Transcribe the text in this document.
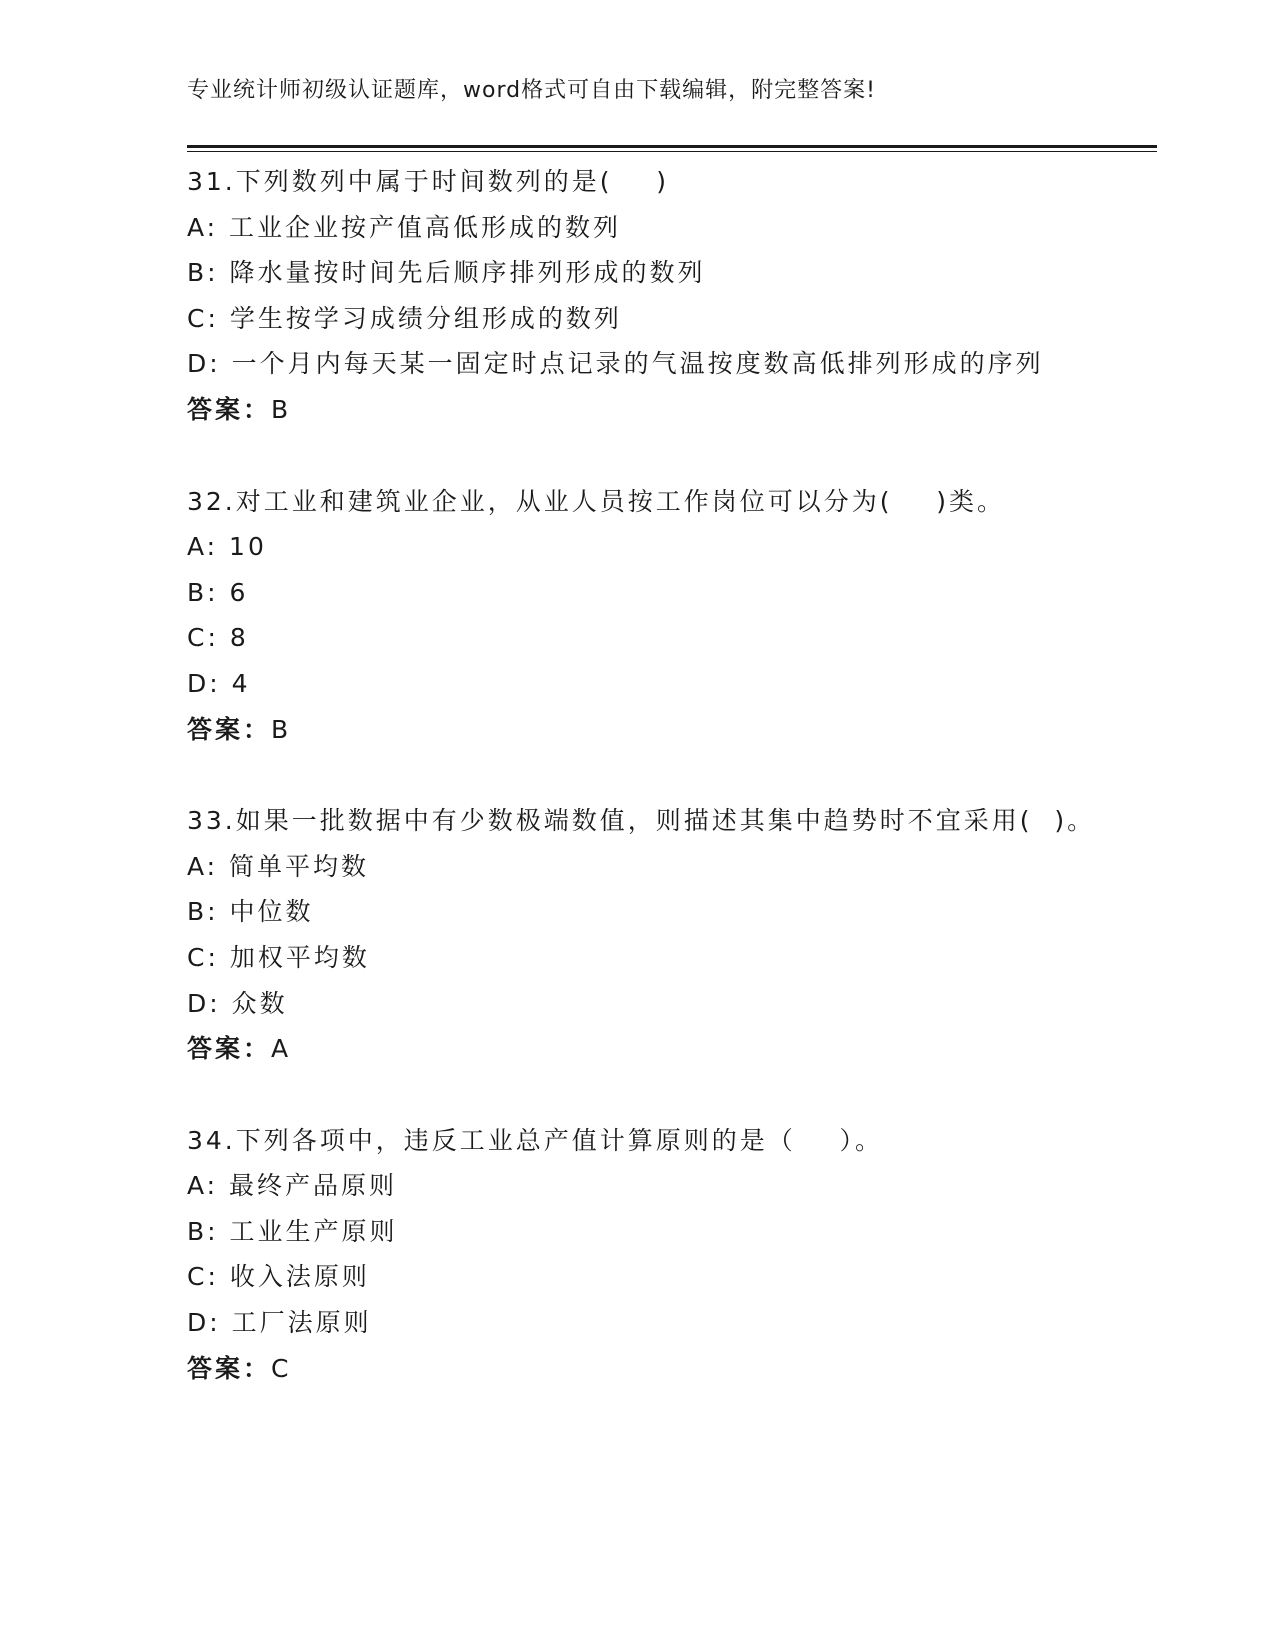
专业统计师初级认证题库，word格式可自由下载编辑，附完整答案!
31.下列数列中属于时间数列的是(    )
A: 工业企业按产值高低形成的数列
B: 降水量按时间先后顺序排列形成的数列
C: 学生按学习成绩分组形成的数列
D: 一个月内每天某一固定时点记录的气温按度数高低排列形成的序列
答案：B
32.对工业和建筑业企业，从业人员按工作岗位可以分为(    )类。
A: 10
B: 6
C: 8
D: 4
答案：B
33.如果一批数据中有少数极端数值，则描述其集中趋势时不宜采用(  )。
A: 简单平均数
B: 中位数
C: 加权平均数
D: 众数
答案：A
34.下列各项中，违反工业总产值计算原则的是（    ）。
A: 最终产品原则
B: 工业生产原则
C: 收入法原则
D: 工厂法原则
答案：C
